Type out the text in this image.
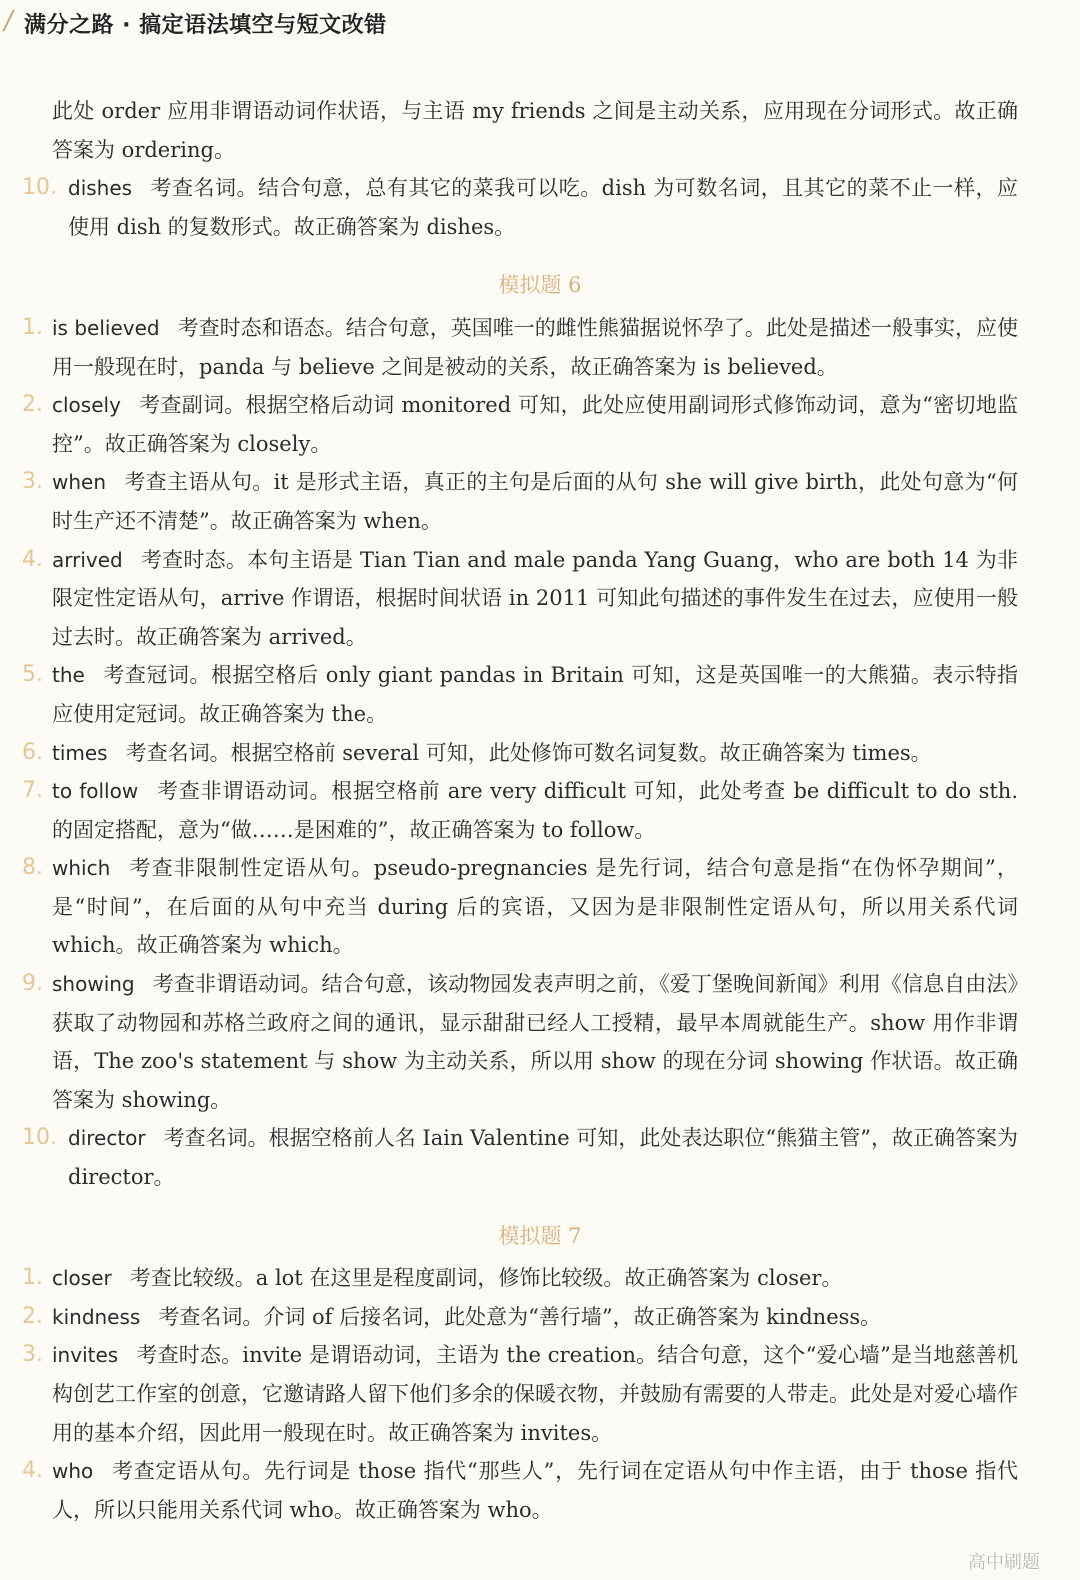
/ 满分之路 · 搞定语法填空与短文改错

此处 order 应用非谓语动词作状语，与主语 my friends 之间是主动关系，应用现在分词形式。故正确答案为 ordering。

10. dishes 考查名词。结合句意，总有其它的菜我可以吃。dish 为可数名词，且其它的菜不止一样，应使用 dish 的复数形式。故正确答案为 dishes。
模拟题 6
1. is believed 考查时态和语态。结合句意，英国唯一的雌性熊猫据说怀孕了。此处是描述一般事实，应使用一般现在时，panda 与 believe 之间是被动的关系，故正确答案为 is believed。
2. closely 考查副词。根据空格后动词 monitored 可知，此处应使用副词形式修饰动词，意为“密切地监控”。故正确答案为 closely。
3. when 考查主语从句。it 是形式主语，真正的主句是后面的从句 she will give birth，此处句意为“何时生产还不清楚”。故正确答案为 when。
4. arrived 考查时态。本句主语是 Tian Tian and male panda Yang Guang，who are both 14 为非限定性定语从句，arrive 作谓语，根据时间状语 in 2011 可知此句描述的事件发生在过去，应使用一般过去时。故正确答案为 arrived。
5. the 考查冠词。根据空格后 only giant pandas in Britain 可知，这是英国唯一的大熊猫。表示特指应使用定冠词。故正确答案为 the。
6. times 考查名词。根据空格前 several 可知，此处修饰可数名词复数。故正确答案为 times。
7. to follow 考查非谓语动词。根据空格前 are very difficult 可知，此处考查 be difficult to do sth. 的固定搭配，意为“做……是困难的”，故正确答案为 to follow。
8. which 考查非限制性定语从句。pseudo-pregnancies 是先行词，结合句意是指“在伪怀孕期间”，是“时间”，在后面的从句中充当 during 后的宾语，又因为是非限制性定语从句，所以用关系代词 which。故正确答案为 which。
9. showing 考查非谓语动词。结合句意，该动物园发表声明之前，《爱丁堡晚间新闻》利用《信息自由法》获取了动物园和苏格兰政府之间的通讯，显示甜甜已经人工授精，最早本周就能生产。show 用作非谓语，The zoo's statement 与 show 为主动关系，所以用 show 的现在分词 showing 作状语。故正确答案为 showing。
10. director 考查名词。根据空格前人名 Iain Valentine 可知，此处表达职位“熊猫主管”，故正确答案为 director。
模拟题 7
1. closer 考查比较级。a lot 在这里是程度副词，修饰比较级。故正确答案为 closer。
2. kindness 考查名词。介词 of 后接名词，此处意为“善行墙”，故正确答案为 kindness。
3. invites 考查时态。invite 是谓语动词，主语为 the creation。结合句意，这个“爱心墙”是当地慈善机构创艺工作室的创意，它邀请路人留下他们多余的保暖衣物，并鼓励有需要的人带走。此处是对爱心墙作用的基本介绍，因此用一般现在时。故正确答案为 invites。
4. who 考查定语从句。先行词是 those 指代“那些人”，先行词在定语从句中作主语，由于 those 指代人，所以只能用关系代词 who。故正确答案为 who。
高中刷题
